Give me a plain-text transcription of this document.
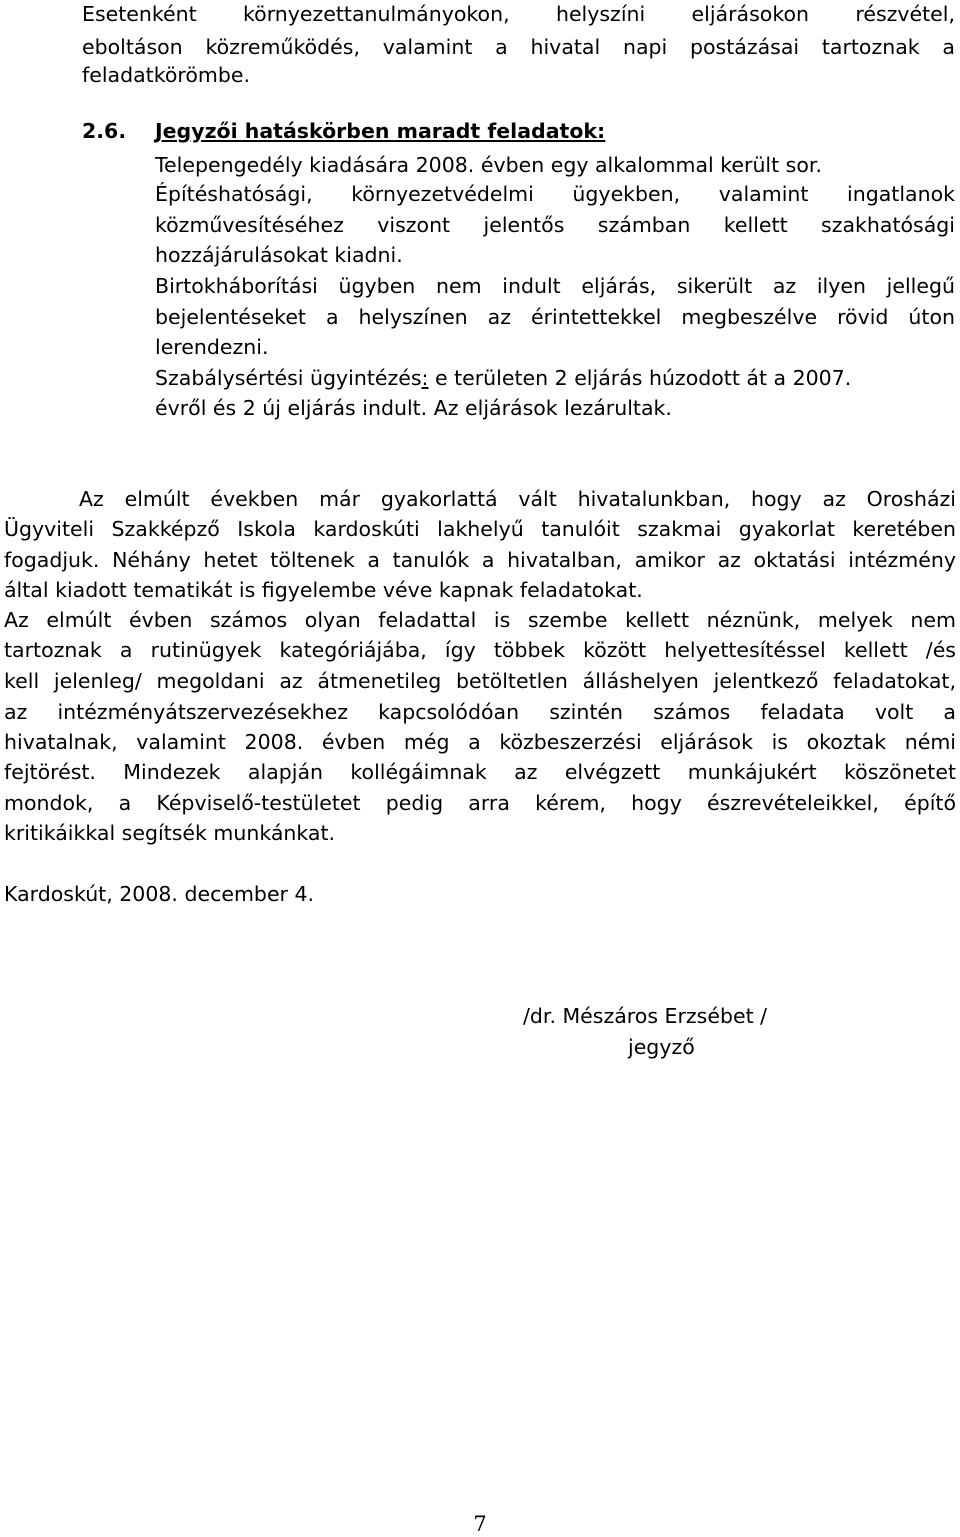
Esetenként környezettanulmányokon, helyszíni eljárásokon részvétel,
eboltáson közreműködés, valamint a hivatal napi postázásai tartoznak a
feladatkörömbe.
2.6. Jegyzői hatáskörben maradt feladatok:
Telepengedély kiadására 2008. évben egy alkalommal került sor.
Építéshatósági, környezetvédelmi ügyekben, valamint ingatlanok
közművesítéséhez viszont jelentős számban kellett szakhatósági
hozzájárulásokat kiadni.
Birtokháborítási ügyben nem indult eljárás, sikerült az ilyen jellegű
bejelentéseket a helyszínen az érintettekkel megbeszélve rövid úton
lerendezni.
Szabálysértési ügyintézés: e területen 2 eljárás húzodott át a 2007.
évről és 2 új eljárás indult. Az eljárások lezárultak.
Az elmúlt években már gyakorlattá vált hivatalunkban, hogy az Orosházi
Ügyviteli Szakképző Iskola kardoskúti lakhelyű tanulóit szakmai gyakorlat keretében
fogadjuk. Néhány hetet töltenek a tanulók a hivatalban, amikor az oktatási intézmény
által kiadott tematikát is figyelembe véve kapnak feladatokat.
Az elmúlt évben számos olyan feladattal is szembe kellett néznünk, melyek nem
tartoznak a rutinügyek kategóriájába, így többek között helyettesítéssel kellett /és
kell jelenleg/ megoldani az átmenetileg betöltetlen álláshelyen jelentkező feladatokat,
az intézményátszervezésekhez kapcsolódóan szintén számos feladata volt a
hivatalnak, valamint 2008. évben még a közbeszerzési eljárások is okoztak némi
fejtörést. Mindezek alapján kollégáimnak az elvégzett munkájukért köszönetet
mondok, a Képviselő-testületet pedig arra kérem, hogy észrevételeikkel, építő
kritikáikkal segítsék munkánkat.
Kardoskút, 2008. december 4.
/dr. Mészáros Erzsébet /
jegyző
7
